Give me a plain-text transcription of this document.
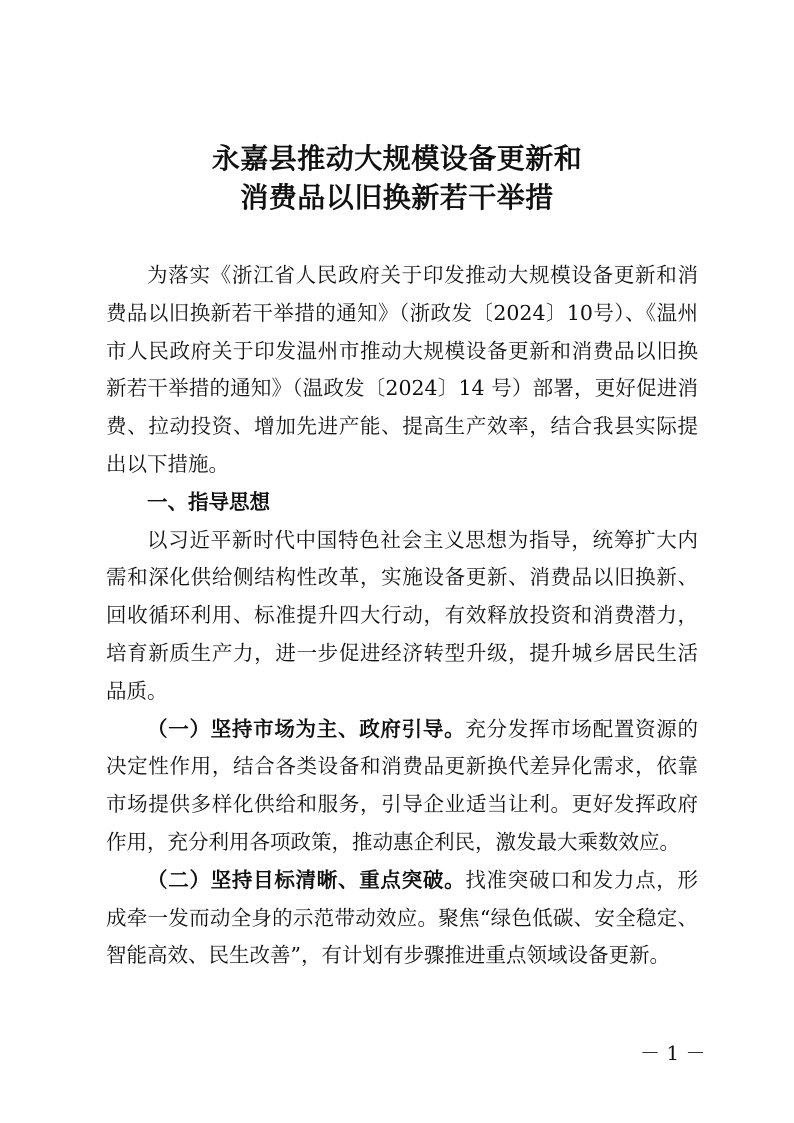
永嘉县推动大规模设备更新和
消费品以旧换新若干举措

为落实《浙江省人民政府关于印发推动大规模设备更新和消费品以旧换新若干举措的通知》（浙政发〔2024〕10号）、《温州市人民政府关于印发温州市推动大规模设备更新和消费品以旧换新若干举措的通知》（温政发〔2024〕14 号）部署，更好促进消费、拉动投资、增加先进产能、提高生产效率，结合我县实际提出以下措施。

一、指导思想

以习近平新时代中国特色社会主义思想为指导，统筹扩大内需和深化供给侧结构性改革，实施设备更新、消费品以旧换新、回收循环利用、标准提升四大行动，有效释放投资和消费潜力，培育新质生产力，进一步促进经济转型升级，提升城乡居民生活品质。

（一）坚持市场为主、政府引导。充分发挥市场配置资源的决定性作用，结合各类设备和消费品更新换代差异化需求，依靠市场提供多样化供给和服务，引导企业适当让利。更好发挥政府作用，充分利用各项政策，推动惠企利民，激发最大乘数效应。

（二）坚持目标清晰、重点突破。找准突破口和发力点，形成牵一发而动全身的示范带动效应。聚焦“绿色低碳、安全稳定、智能高效、民生改善”，有计划有步骤推进重点领域设备更新。

－ 1 －
